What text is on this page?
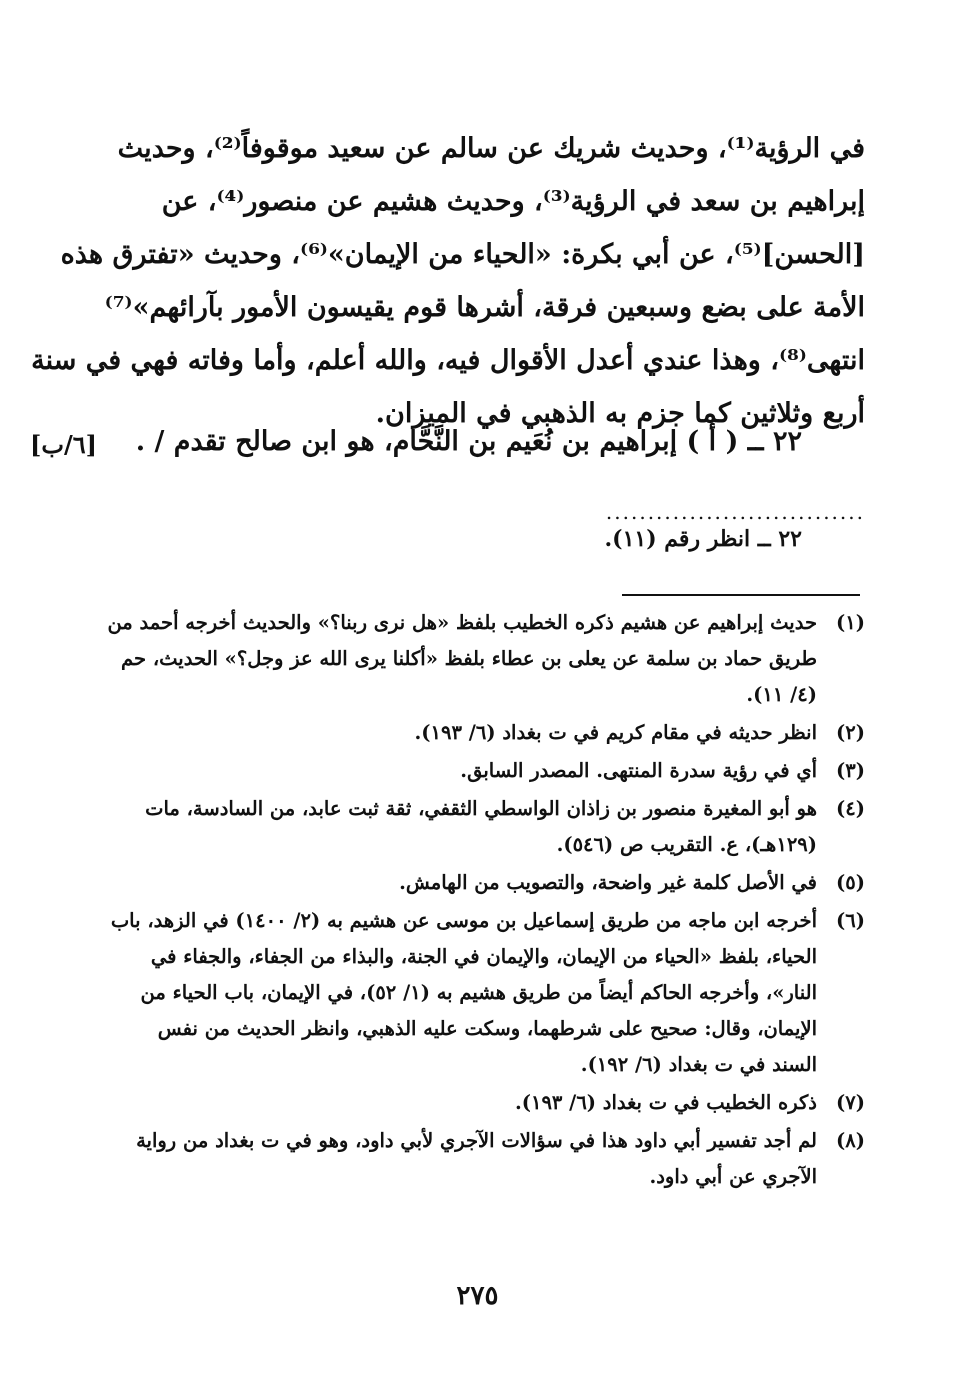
في الرؤية⁽¹⁾، وحديث شريك عن سالم عن سعيد موقوفاً⁽²⁾، وحديث
إبراهيم بن سعد في الرؤية⁽³⁾، وحديث هشيم عن منصور⁽⁴⁾، عن
[الحسن]⁽⁵⁾، عن أبي بكرة: «الحياء من الإيمان»⁽⁶⁾، وحديث «تفترق هذه
الأمة على بضع وسبعين فرقة، أشرها قوم يقيسون الأمور بآرائهم»⁽⁷⁾
انتهى⁽⁸⁾، وهذا عندي أعدل الأقوال فيه، والله أعلم، وأما وفاته فهي في سنة
أربع وثلاثين كما جزم به الذهبي في الميزان.
٢٢ ــ ( أ ) إبراهيم بن نُعَيم بن النَّحَّام، هو ابن صالح تقدم / .
[٦/ب]
...............................
٢٢ ــ انظر رقم (١١).
(١)
حديث إبراهيم عن هشيم ذكره الخطيب بلفظ «هل نرى ربنا؟» والحديث أخرجه أحمد من
طريق حماد بن سلمة عن يعلى بن عطاء بلفظ «أكلنا يرى الله عز وجل؟» الحديث، حم
(٤/ ١١).
(٢)
انظر حديثه في مقام كريم في ت بغداد (٦/ ١٩٣).
(٣)
أي في رؤية سدرة المنتهى. المصدر السابق.
(٤)
هو أبو المغيرة منصور بن زاذان الواسطي الثقفي، ثقة ثبت عابد، من السادسة، مات
(١٢٩هـ)، ع. التقريب ص (٥٤٦).
(٥)
في الأصل كلمة غير واضحة، والتصويب من الهامش.
(٦)
أخرجه ابن ماجه من طريق إسماعيل بن موسى عن هشيم به (٢/ ١٤٠٠) في الزهد، باب
الحياء، بلفظ «الحياء من الإيمان، والإيمان في الجنة، والبذاء من الجفاء، والجفاء في
النار»، وأخرجه الحاكم أيضاً من طريق هشيم به (١/ ٥٢)، في الإيمان، باب الحياء من
الإيمان، وقال: صحيح على شرطهما، وسكت عليه الذهبي، وانظر الحديث من نفس
السند في ت بغداد (٦/ ١٩٢).
(٧)
ذكره الخطيب في ت بغداد (٦/ ١٩٣).
(٨)
لم أجد تفسير أبي داود هذا في سؤالات الآجري لأبي داود، وهو في ت بغداد من رواية
الآجري عن أبي داود.
٢٧٥
